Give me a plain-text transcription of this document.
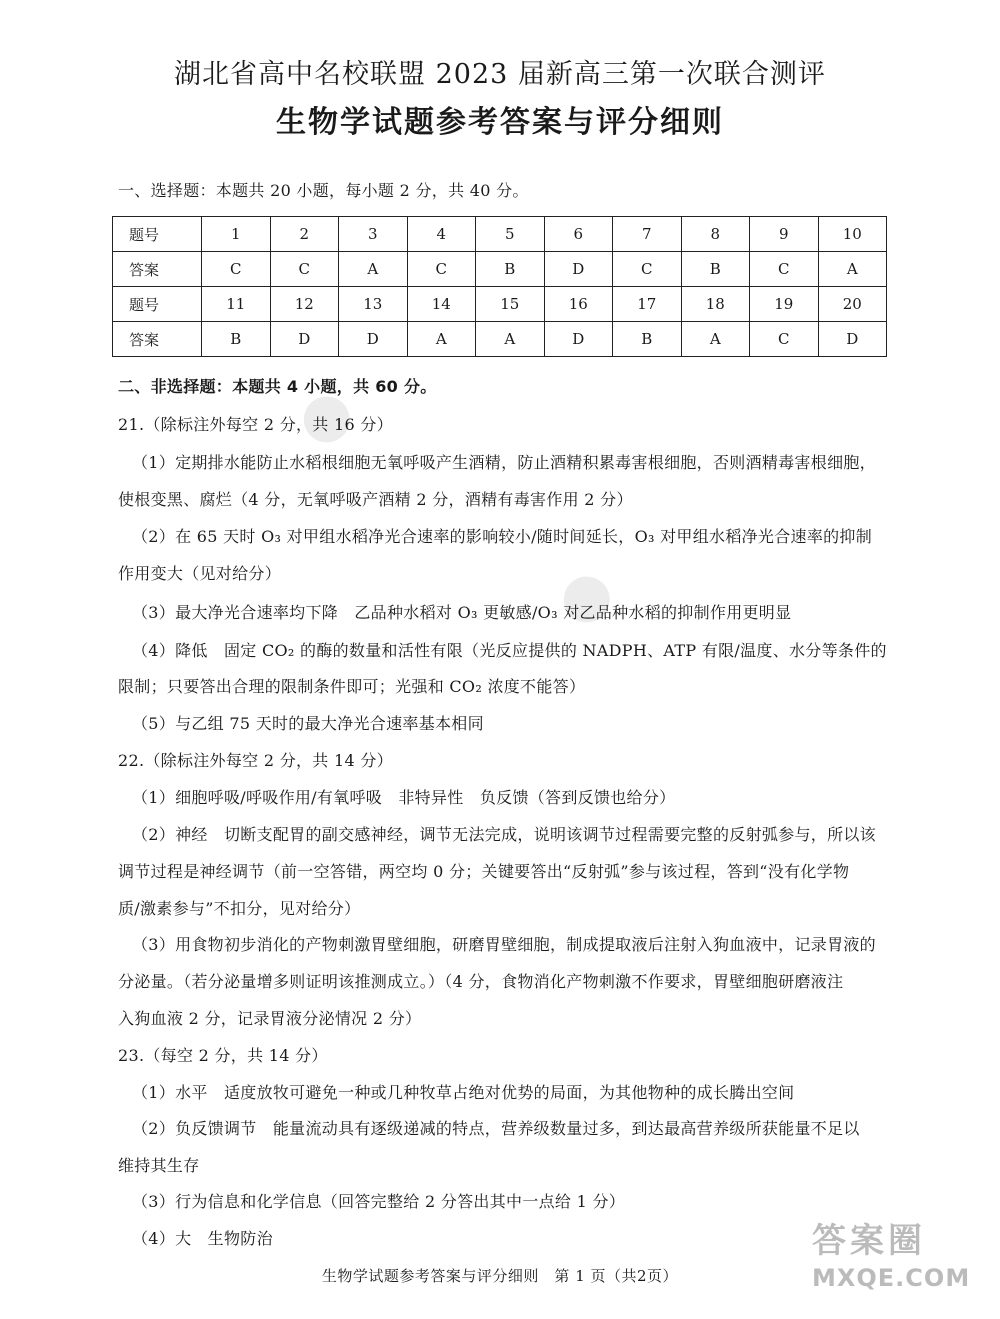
●
●
湖北省高中名校联盟 2023 届新高三第一次联合测评
生物学试题参考答案与评分细则
一、选择题：本题共 20 小题，每小题 2 分，共 40 分。
题号	1	2	3	4	5	6	7	8	9	10
答案	C	C	A	C	B	D	C	B	C	A
题号	11	12	13	14	15	16	17	18	19	20
答案	B	D	D	A	A	D	B	A	C	D
二、非选择题：本题共 4 小题，共 60 分。
21.（除标注外每空 2 分，共 16 分）
（1）定期排水能防止水稻根细胞无氧呼吸产生酒精，防止酒精积累毒害根细胞，否则酒精毒害根细胞，
使根变黑、腐烂（4 分，无氧呼吸产酒精 2 分，酒精有毒害作用 2 分）
（2）在 65 天时 O₃ 对甲组水稻净光合速率的影响较小/随时间延长，O₃ 对甲组水稻净光合速率的抑制
作用变大（见对给分）
（3）最大净光合速率均下降　乙品种水稻对 O₃ 更敏感/O₃ 对乙品种水稻的抑制作用更明显
（4）降低　固定 CO₂ 的酶的数量和活性有限（光反应提供的 NADPH、ATP 有限/温度、水分等条件的
限制；只要答出合理的限制条件即可；光强和 CO₂ 浓度不能答）
（5）与乙组 75 天时的最大净光合速率基本相同
22.（除标注外每空 2 分，共 14 分）
（1）细胞呼吸/呼吸作用/有氧呼吸　非特异性　负反馈（答到反馈也给分）
（2）神经　切断支配胃的副交感神经，调节无法完成，说明该调节过程需要完整的反射弧参与，所以该
调节过程是神经调节（前一空答错，两空均 0 分；关键要答出“反射弧”参与该过程，答到“没有化学物
质/激素参与”不扣分，见对给分）
（3）用食物初步消化的产物刺激胃壁细胞，研磨胃壁细胞，制成提取液后注射入狗血液中，记录胃液的
分泌量。（若分泌量增多则证明该推测成立。）（4 分，食物消化产物刺激不作要求，胃壁细胞研磨液注
入狗血液 2 分，记录胃液分泌情况 2 分）
23.（每空 2 分，共 14 分）
（1）水平　适度放牧可避免一种或几种牧草占绝对优势的局面，为其他物种的成长腾出空间
（2）负反馈调节　能量流动具有逐级递减的特点，营养级数量过多，到达最高营养级所获能量不足以
维持其生存
（3）行为信息和化学信息（回答完整给 2 分答出其中一点给 1 分）
（4）大　生物防治
生物学试题参考答案与评分细则　第 1 页（共2页）
答案圈
MXQE.COM
